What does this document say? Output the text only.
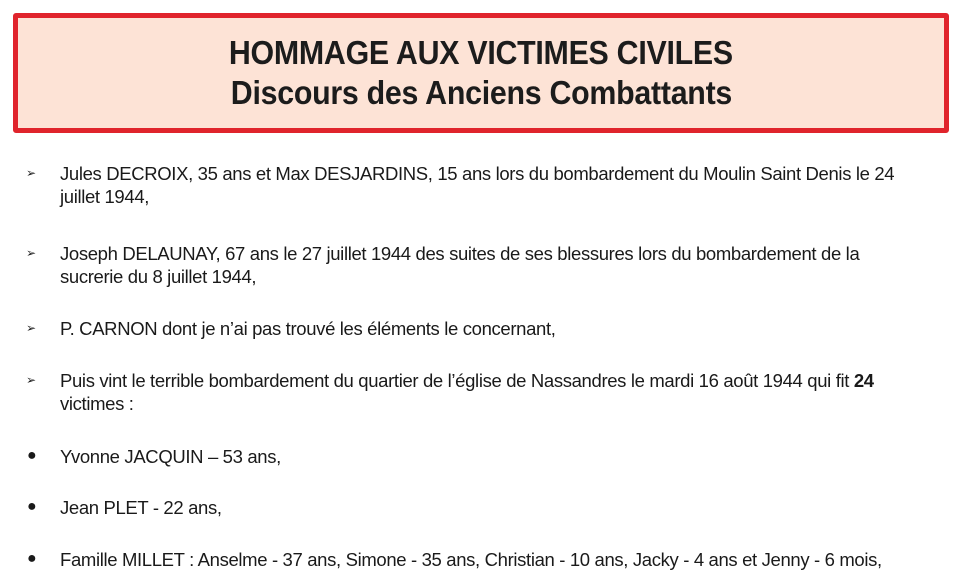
HOMMAGE AUX VICTIMES CIVILES
Discours des Anciens Combattants
➢ Jules DECROIX, 35 ans et Max DESJARDINS, 15 ans lors du bombardement du Moulin Saint Denis le 24
juillet 1944,
➢ Joseph DELAUNAY, 67 ans le 27 juillet 1944 des suites de ses blessures lors du bombardement de la
sucrerie du 8 juillet 1944,
➢ P. CARNON dont je n’ai pas trouvé les éléments le concernant,
➢ Puis vint le terrible bombardement du quartier de l’église de Nassandres le mardi 16 août 1944 qui fit 24
victimes :
● Yvonne JACQUIN – 53 ans,
● Jean PLET - 22 ans,
● Famille MILLET : Anselme - 37 ans, Simone - 35 ans, Christian - 10 ans, Jacky - 4 ans et Jenny - 6 mois,
